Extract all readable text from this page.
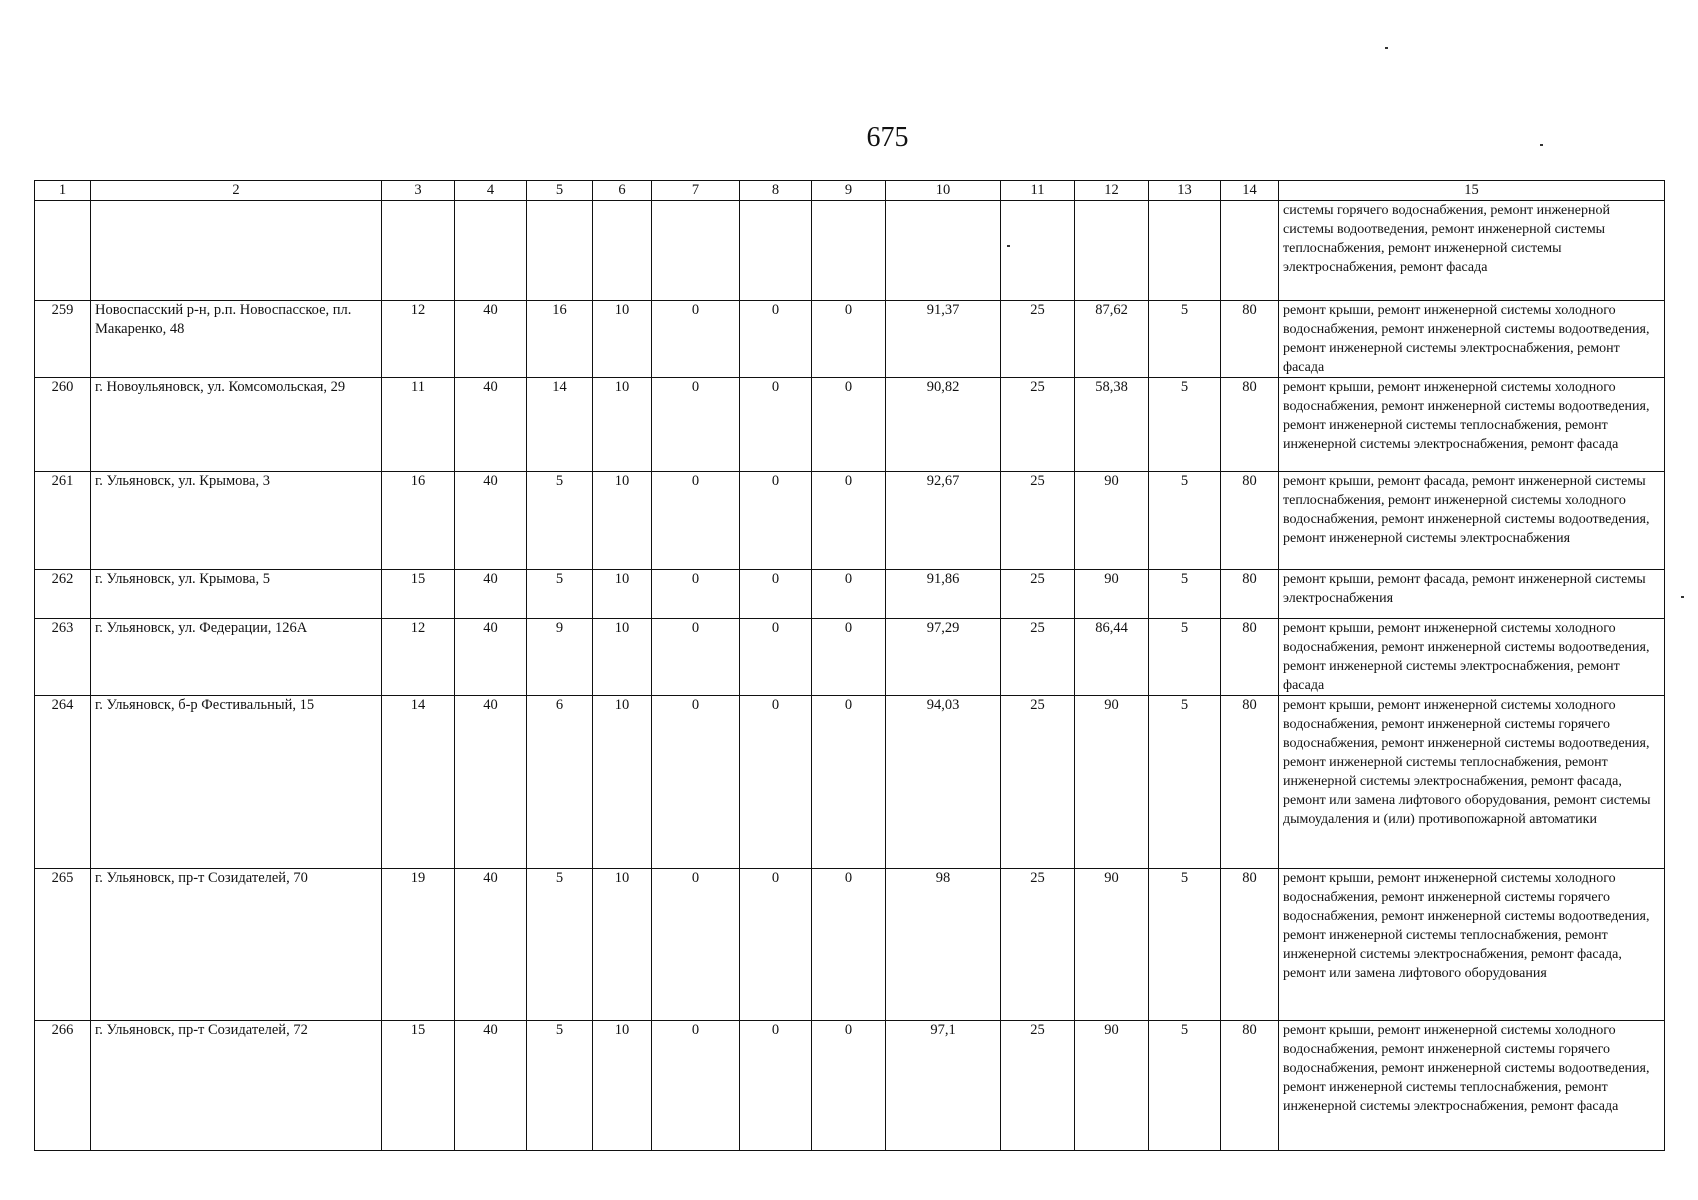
675
1	2	3	4	5	6	7	8	9	10	11	12	13	14	15
														системы горячего водоснабжения, ремонт инженерной системы водоотведения, ремонт инженерной системы теплоснабжения, ремонт инженерной системы электроснабжения, ремонт фасада
259	Новоспасский р-н, р.п. Новоспасское, пл. Макаренко, 48	12	40	16	10	0	0	0	91,37	25	87,62	5	80	ремонт крыши, ремонт инженерной системы холодного водоснабжения, ремонт инженерной системы водоотведения, ремонт инженерной системы электроснабжения, ремонт фасада
260	г. Новоульяновск, ул. Комсомольская, 29	11	40	14	10	0	0	0	90,82	25	58,38	5	80	ремонт крыши, ремонт инженерной системы холодного водоснабжения, ремонт инженерной системы водоотведения, ремонт инженерной системы теплоснабжения, ремонт инженерной системы электроснабжения, ремонт фасада
261	г. Ульяновск, ул. Крымова, 3	16	40	5	10	0	0	0	92,67	25	90	5	80	ремонт крыши, ремонт фасада, ремонт инженерной системы теплоснабжения, ремонт инженерной системы холодного водоснабжения, ремонт инженерной системы водоотведения, ремонт инженерной системы электроснабжения
262	г. Ульяновск, ул. Крымова, 5	15	40	5	10	0	0	0	91,86	25	90	5	80	ремонт крыши, ремонт фасада, ремонт инженерной системы электроснабжения
263	г. Ульяновск, ул. Федерации, 126А	12	40	9	10	0	0	0	97,29	25	86,44	5	80	ремонт крыши, ремонт инженерной системы холодного водоснабжения, ремонт инженерной системы водоотведения, ремонт инженерной системы электроснабжения, ремонт фасада
264	г. Ульяновск, б-р Фестивальный, 15	14	40	6	10	0	0	0	94,03	25	90	5	80	ремонт крыши, ремонт инженерной системы холодного водоснабжения, ремонт инженерной системы горячего водоснабжения, ремонт инженерной системы водоотведения, ремонт инженерной системы теплоснабжения, ремонт инженерной системы электроснабжения, ремонт фасада, ремонт или замена лифтового оборудования, ремонт системы дымоудаления и (или) противопожарной автоматики
265	г. Ульяновск, пр-т Созидателей, 70	19	40	5	10	0	0	0	98	25	90	5	80	ремонт крыши, ремонт инженерной системы холодного водоснабжения, ремонт инженерной системы горячего водоснабжения, ремонт инженерной системы водоотведения, ремонт инженерной системы теплоснабжения, ремонт инженерной системы электроснабжения, ремонт фасада, ремонт или замена лифтового оборудования
266	г. Ульяновск, пр-т Созидателей, 72	15	40	5	10	0	0	0	97,1	25	90	5	80	ремонт крыши, ремонт инженерной системы холодного водоснабжения, ремонт инженерной системы горячего водоснабжения, ремонт инженерной системы водоотведения, ремонт инженерной системы теплоснабжения, ремонт инженерной системы электроснабжения, ремонт фасада
